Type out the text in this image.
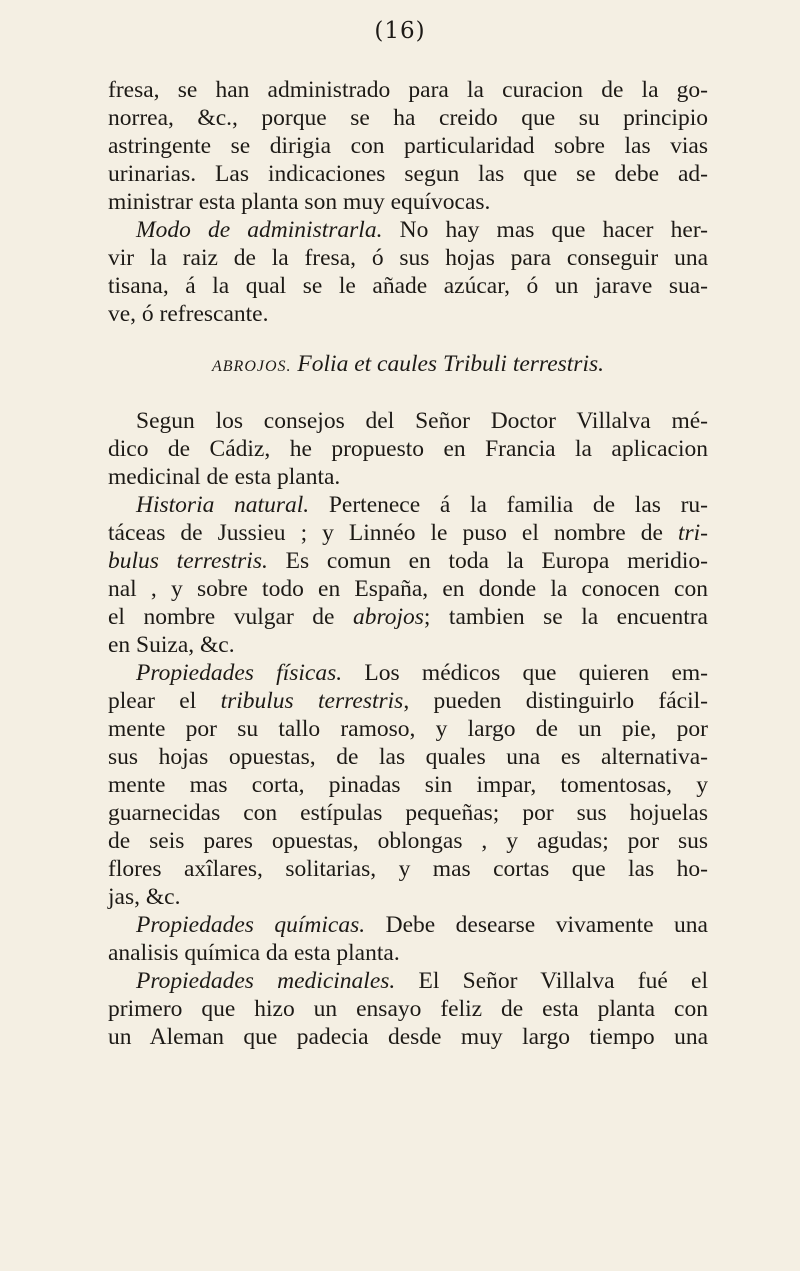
(16)
fresa, se han administrado para la curacion de la go-
norrea, &c., porque se ha creido que su principio
astringente se dirigia con particularidad sobre las vias
urinarias. Las indicaciones segun las que se debe ad-
ministrar esta planta son muy equívocas.
Modo de administrarla. No hay mas que hacer her-
vir la raiz de la fresa, ó sus hojas para conseguir una
tisana, á la qual se le añade azúcar, ó un jarave sua-
ve, ó refrescante.
ABROJOS. Folia et caules Tribuli terrestris.
Segun los consejos del Señor Doctor Villalva mé-
dico de Cádiz, he propuesto en Francia la aplicacion
medicinal de esta planta.
Historia natural. Pertenece á la familia de las ru-
táceas de Jussieu ; y Linnéo le puso el nombre de tri-
bulus terrestris. Es comun en toda la Europa meridio-
nal , y sobre todo en España, en donde la conocen con
el nombre vulgar de abrojos; tambien se la encuentra
en Suiza, &c.
Propiedades físicas. Los médicos que quieren em-
plear el tribulus terrestris, pueden distinguirlo fácil-
mente por su tallo ramoso, y largo de un pie, por
sus hojas opuestas, de las quales una es alternativa-
mente mas corta, pinadas sin impar, tomentosas, y
guarnecidas con estípulas pequeñas; por sus hojuelas
de seis pares opuestas, oblongas , y agudas; por sus
flores axîlares, solitarias, y mas cortas que las ho-
jas, &c.
Propiedades químicas. Debe desearse vivamente una
analisis química da esta planta.
Propiedades medicinales. El Señor Villalva fué el
primero que hizo un ensayo feliz de esta planta con
un Aleman que padecia desde muy largo tiempo una
